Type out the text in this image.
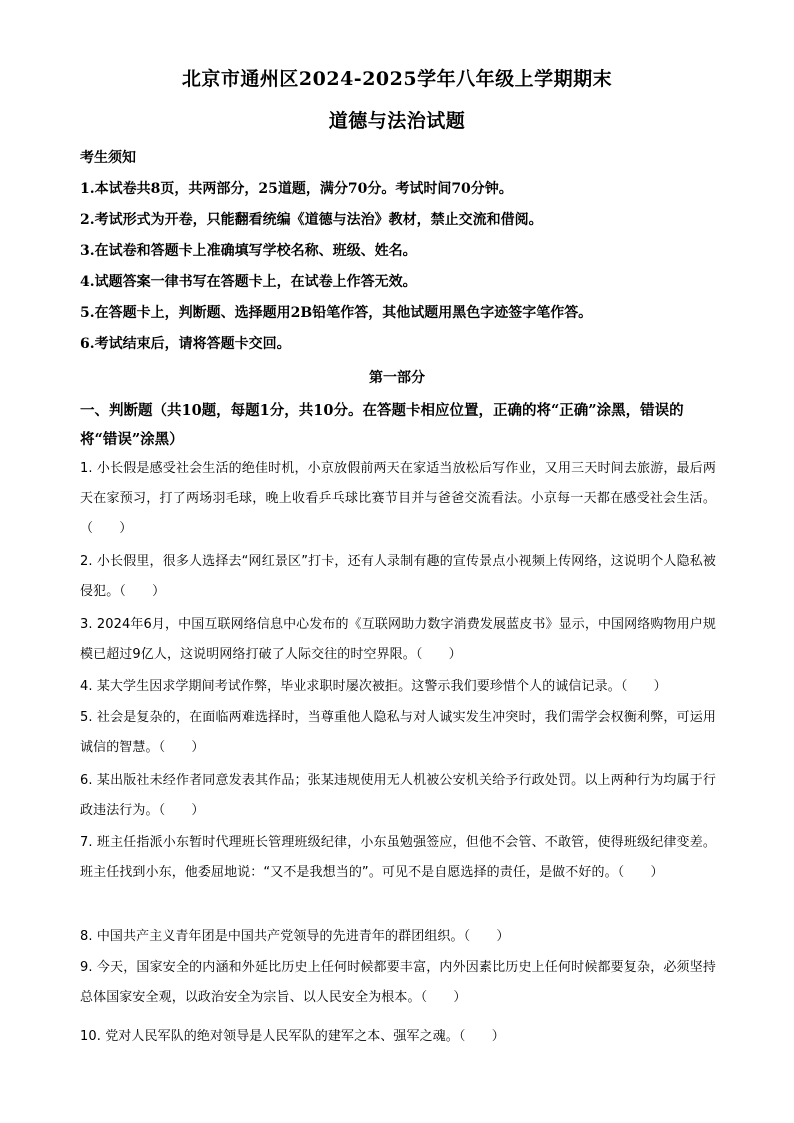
北京市通州区2024-2025学年八年级上学期期末
道德与法治试题
考生须知
1.本试卷共8页，共两部分，25道题，满分70分。考试时间70分钟。
2.考试形式为开卷，只能翻看统编《道德与法治》教材，禁止交流和借阅。
3.在试卷和答题卡上准确填写学校名称、班级、姓名。
4.试题答案一律书写在答题卡上，在试卷上作答无效。
5.在答题卡上，判断题、选择题用2B铅笔作答，其他试题用黑色字迹签字笔作答。
6.考试结束后，请将答题卡交回。
第一部分
一、判断题（共10题，每题1分，共10分。在答题卡相应位置，正确的将“正确”涂黑，错误的将“错误”涂黑）
1. 小长假是感受社会生活的绝佳时机，小京放假前两天在家适当放松后写作业，又用三天时间去旅游，最后两天在家预习，打了两场羽毛球，晚上收看乒乓球比赛节目并与爸爸交流看法。小京每一天都在感受社会生活。（　　）
2. 小长假里，很多人选择去“网红景区”打卡，还有人录制有趣的宣传景点小视频上传网络，这说明个人隐私被侵犯。（　　）
3. 2024年6月，中国互联网络信息中心发布的《互联网助力数字消费发展蓝皮书》显示，中国网络购物用户规模已超过9亿人，这说明网络打破了人际交往的时空界限。（　　）
4. 某大学生因求学期间考试作弊，毕业求职时屡次被拒。这警示我们要珍惜个人的诚信记录。（　　）
5. 社会是复杂的，在面临两难选择时，当尊重他人隐私与对人诚实发生冲突时，我们需学会权衡利弊，可运用诚信的智慧。（　　）
6. 某出版社未经作者同意发表其作品；张某违规使用无人机被公安机关给予行政处罚。以上两种行为均属于行政违法行为。（　　）
7. 班主任指派小东暂时代理班长管理班级纪律，小东虽勉强签应，但他不会管、不敢管，使得班级纪律变差。班主任找到小东，他委屈地说：“又不是我想当的”。可见不是自愿选择的责任，是做不好的。（　　）
8. 中国共产主义青年团是中国共产党领导的先进青年的群团组织。（　　）
9. 今天，国家安全的内涵和外延比历史上任何时候都要丰富，内外因素比历史上任何时候都要复杂，必须坚持总体国家安全观，以政治安全为宗旨、以人民安全为根本。（　　）
10. 党对人民军队的绝对领导是人民军队的建军之本、强军之魂。（　　）
